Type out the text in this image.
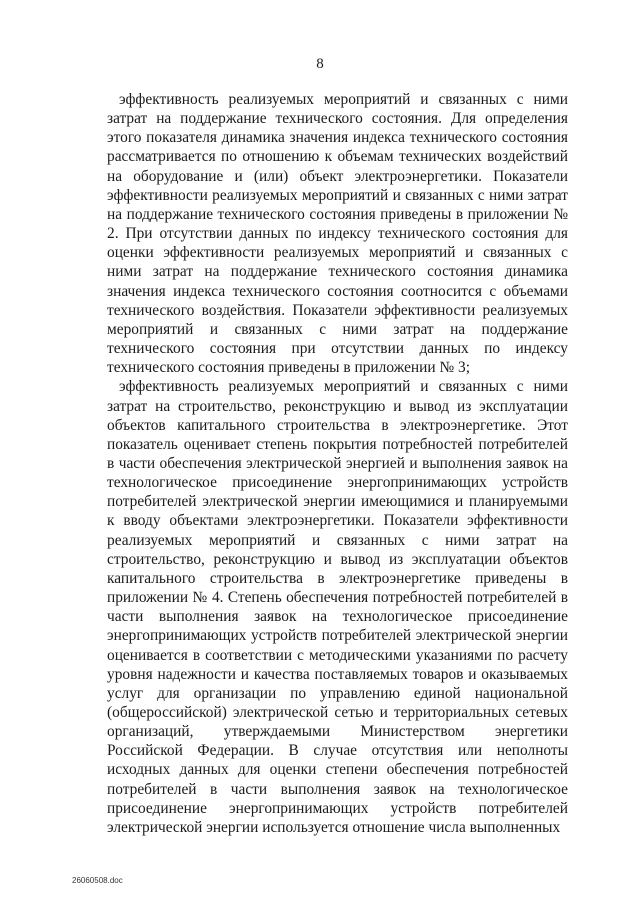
8

эффективность реализуемых мероприятий и связанных с ними затрат на поддержание технического состояния. Для определения этого показателя динамика значения индекса технического состояния рассматривается по отношению к объемам технических воздействий на оборудование и (или) объект электроэнергетики. Показатели эффективности реализуемых мероприятий и связанных с ними затрат на поддержание технического состояния приведены в приложении № 2. При отсутствии данных по индексу технического состояния для оценки эффективности реализуемых мероприятий и связанных с ними затрат на поддержание технического состояния динамика значения индекса технического состояния соотносится с объемами технического воздействия. Показатели эффективности реализуемых мероприятий и связанных с ними затрат на поддержание технического состояния при отсутствии данных по индексу технического состояния приведены в приложении № 3;

эффективность реализуемых мероприятий и связанных с ними затрат на строительство, реконструкцию и вывод из эксплуатации объектов капитального строительства в электроэнергетике. Этот показатель оценивает степень покрытия потребностей потребителей в части обеспечения электрической энергией и выполнения заявок на технологическое присоединение энергопринимающих устройств потребителей электрической энергии имеющимися и планируемыми к вводу объектами электроэнергетики. Показатели эффективности реализуемых мероприятий и связанных с ними затрат на строительство, реконструкцию и вывод из эксплуатации объектов капитального строительства в электроэнергетике приведены в приложении № 4. Степень обеспечения потребностей потребителей в части выполнения заявок на технологическое присоединение энергопринимающих устройств потребителей электрической энергии оценивается в соответствии с методическими указаниями по расчету уровня надежности и качества поставляемых товаров и оказываемых услуг для организации по управлению единой национальной (общероссийской) электрической сетью и территориальных сетевых организаций, утверждаемыми Министерством энергетики Российской Федерации. В случае отсутствия или неполноты исходных данных для оценки степени обеспечения потребностей потребителей в части выполнения заявок на технологическое присоединение энергопринимающих устройств потребителей электрической энергии используется отношение числа выполненных

26060508.doc
